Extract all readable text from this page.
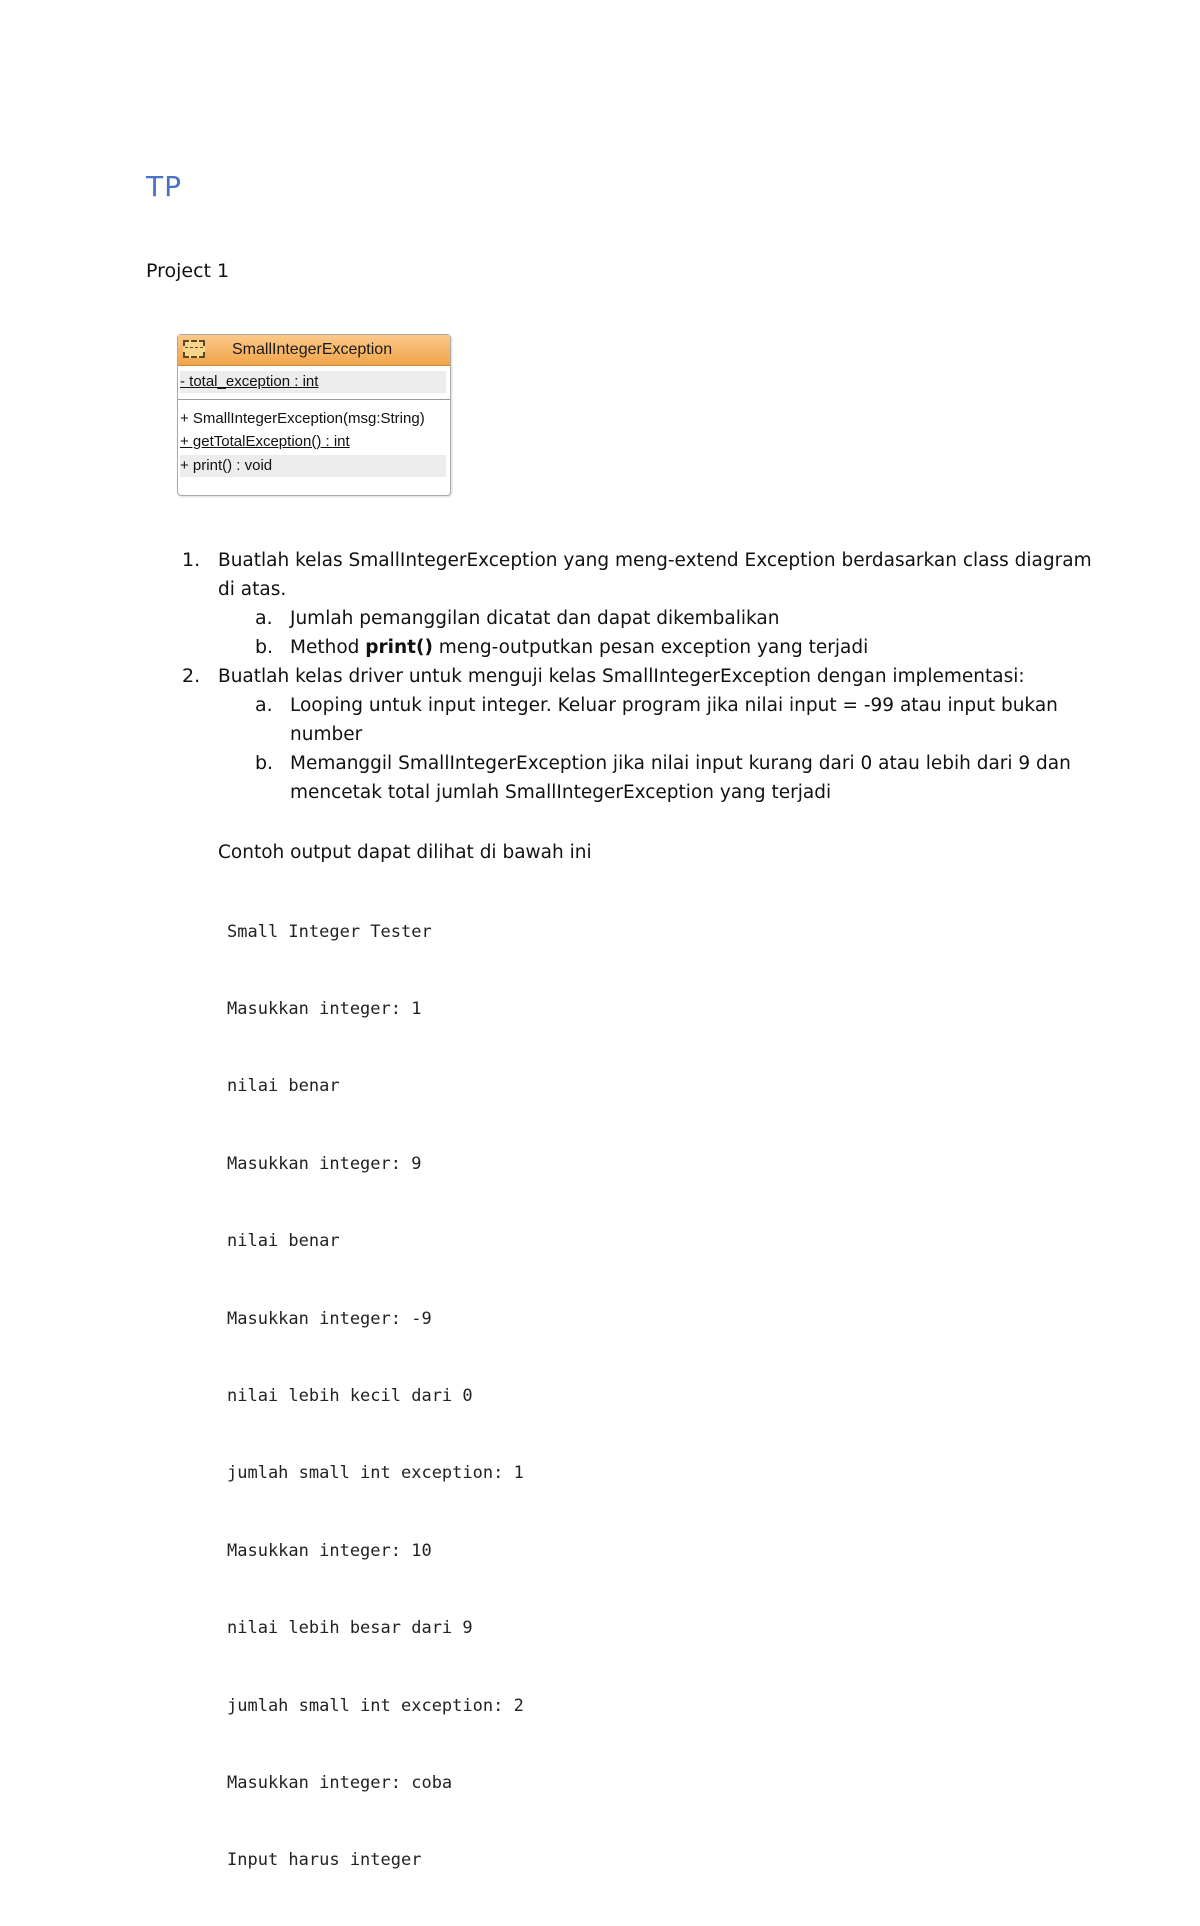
TP
Project 1
SmallIntegerException
- total_exception : int
+ SmallIntegerException(msg:String)
+ getTotalException() : int
+ print() : void
1. Buatlah kelas SmallIntegerException yang meng-extend Exception berdasarkan class diagram
di atas.
a. Jumlah pemanggilan dicatat dan dapat dikembalikan
b. Method print() meng-outputkan pesan exception yang terjadi
2. Buatlah kelas driver untuk menguji kelas SmallIntegerException dengan implementasi:
a. Looping untuk input integer. Keluar program jika nilai input = -99 atau input bukan
number
b. Memanggil SmallIntegerException jika nilai input kurang dari 0 atau lebih dari 9 dan
mencetak total jumlah SmallIntegerException yang terjadi
Contoh output dapat dilihat di bawah ini

Small Integer Tester

Masukkan integer: 1

nilai benar

Masukkan integer: 9

nilai benar

Masukkan integer: -9

nilai lebih kecil dari 0

jumlah small int exception: 1

Masukkan integer: 10

nilai lebih besar dari 9

jumlah small int exception: 2

Masukkan integer: coba

Input harus integer
